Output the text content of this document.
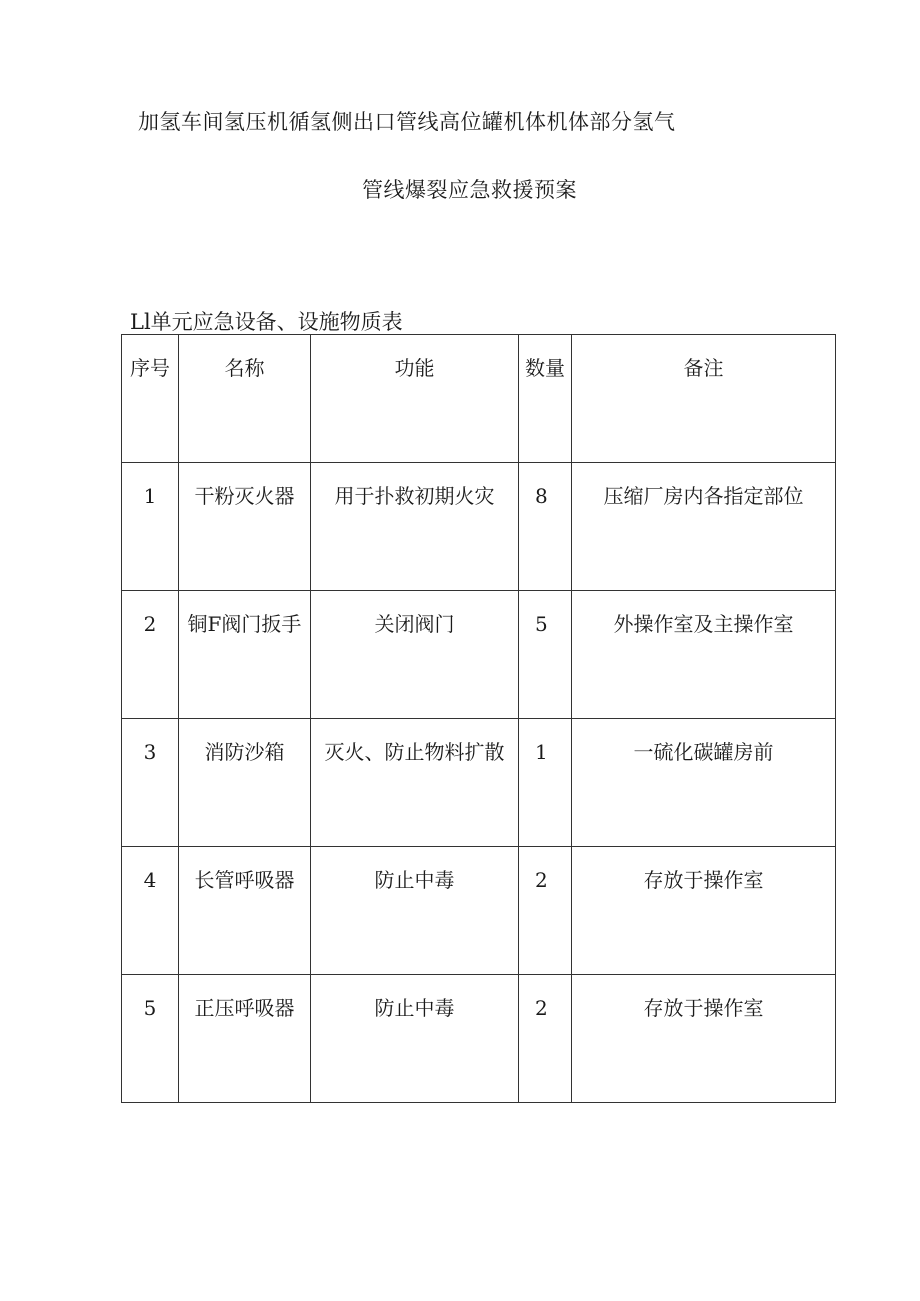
加氢车间氢压机循氢侧出口管线高位罐机体机体部分氢气
管线爆裂应急救援预案
Ll单元应急设备、设施物质表
序号	名称	功能	数量	备注
1	干粉灭火器	用于扑救初期火灾	8	压缩厂房内各指定部位
2	铜F阀门扳手	关闭阀门	5	外操作室及主操作室
3	消防沙箱	灭火、防止物料扩散	1	一硫化碳罐房前
4	长管呼吸器	防止中毒	2	存放于操作室
5	正压呼吸器	防止中毒	2	存放于操作室
